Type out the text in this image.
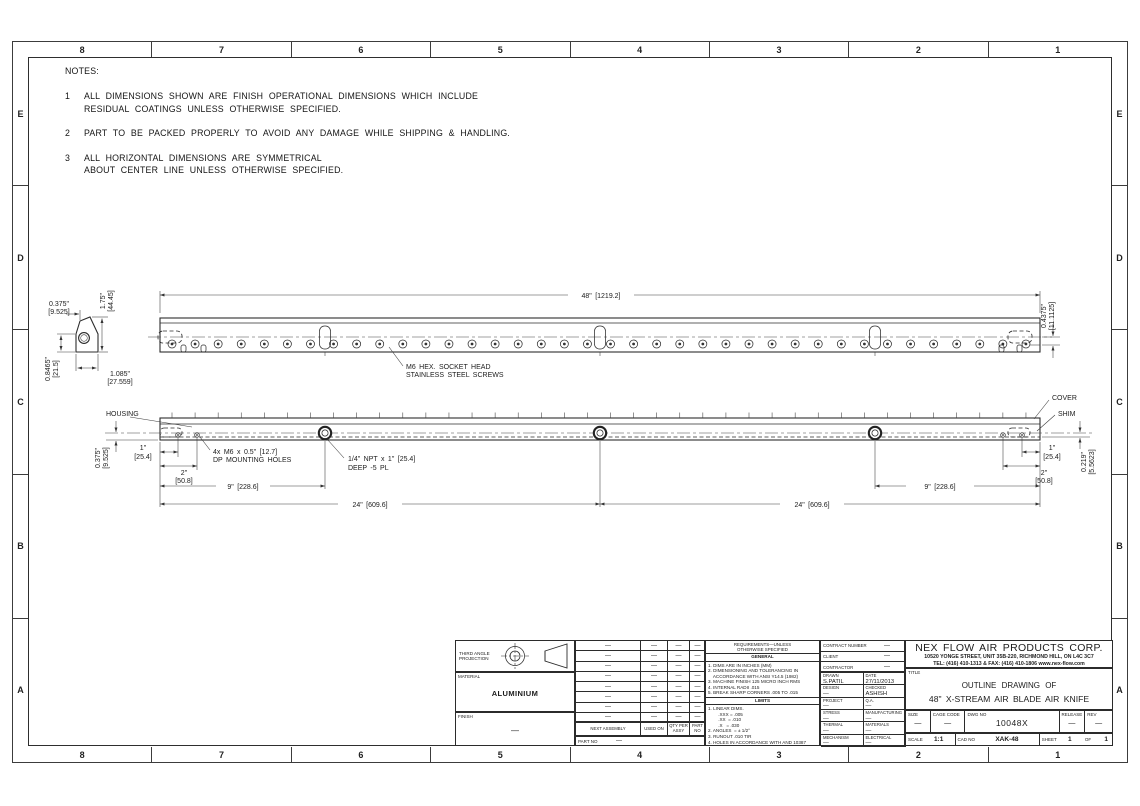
8	7	6	5	4	3	2	1
8	7	6	5	4	3	2	1
E
D
C
B
A
E
D
C
B
A
0.375"
[9.525]
1.75" [44.45]
0.8465" [21.5]	1.085"
[27.559]
48" [1219.2]
0.4375" [11.1125]
M6 HEX. SOCKET HEAD
STAINLESS STEEL SCREWS
HOUSING
COVER
SHIM
0.375" [9.525]	1"
[25.4]
2"
[50.8]
4x M6 x 0.5" [12.7]
DP MOUNTING HOLES
9" [228.6]
1/4" NPT x 1" [25.4]
DEEP -5 PL
24" [609.6]	24" [609.6]
9" [228.6]
2"
[50.8]
1"
[25.4]	0.219" [5.5623]
NOTES:
1	ALL DIMENSIONS SHOWN ARE FINISH OPERATIONAL DIMENSIONS WHICH INCLUDE
RESIDUAL COATINGS UNLESS OTHERWISE SPECIFIED.
2	PART TO BE PACKED PROPERLY TO AVOID ANY DAMAGE WHILE SHIPPING & HANDLING.
3	ALL HORIZONTAL DIMENSIONS ARE SYMMETRICAL
ABOUT CENTER LINE UNLESS OTHERWISE SPECIFIED.
THIRD ANGLE
PROJECTION
MATERIAL
ALUMINIUM
FINISH
—
—	—	—	—
—	—	—	—
—	—	—	—
—	—	—	—
—	—	—	—
—	—	—	—
—	—	—	—
—	—	—	—
NEXT ASSEMBLY	USED ON	QTY PER ASSY
PART NO
PART NO	—
REQUIREMENTS—UNLESS
OTHERWISE SPECIFIED
GENERAL
1. DIMS ARE IN INCHES (MM)
2. DIMENSIONING AND TOLERANCING IN
ACCORDANCE WITH ANSI Y14.5 (1982)
3. MACHINE FINISH 125 MICRO INCH RMS
4. INTERNAL RADII .015
5. BREAK SHARP CORNERS .005 TO .015
LIMITS
1. LINEAR DIMS.
.XXX = .005
.XX  = .010
.X   = .030
2. ANGLES  = ± 1/2°
3. RUNOUT .010 TIR
4. HOLES IN ACCORDANCE WITH AND 10387
CONTRACT NUMBER	—
CLIENT	—
CONTRACTOR	—
DRAWN
S.PATIL
DATE
27/11/2013
DESIGN
—
CHECKED
ASHISH
PROJECT
—
Q.A.
—
STRESS
—
MANUFACTURING
—
THERMAL
—
MATERIALS
—
MECHANISM
—
ELECTRICAL
—
NEX FLOW AIR PRODUCTS CORP.
10520 YONGE STREET, UNIT 35B-220, RICHMOND HILL, ON L4C 3C7
TEL: (416) 410-1313 & FAX: (416) 410-1806 www.nex-flow.com
TITLE
OUTLINE DRAWING OF
48" X-STREAM AIR BLADE AIR KNIFE
SIZE
—
CAGE CODE
—
DWG NO
10048X
RELEASE
—
REV
—
SCALE 1:1	CAD NO	XAK-48	SHEET 1	OF	1
